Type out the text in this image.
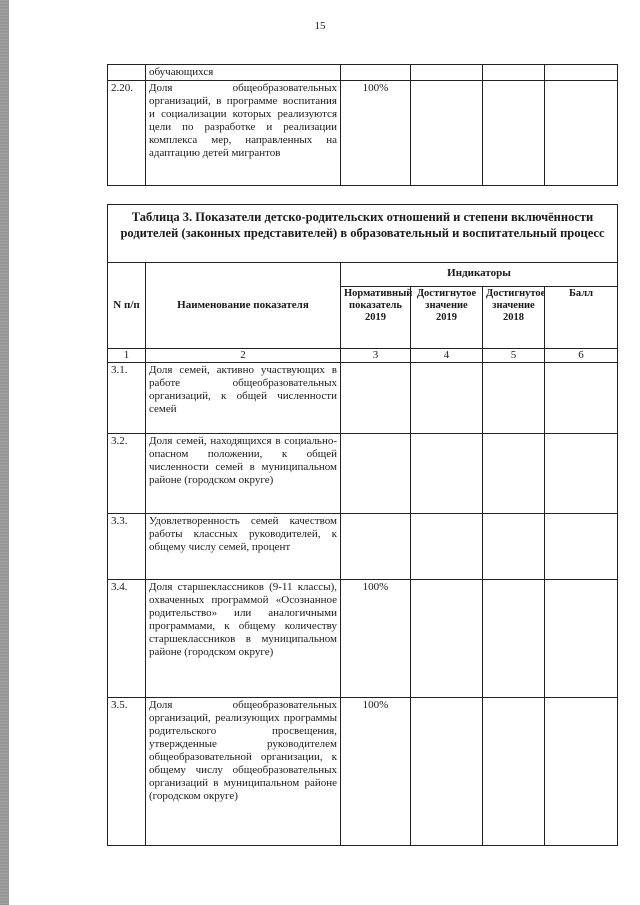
15
	обучающихся				
2.20.	Доля общеобразовательных организаций, в программе воспитания и социализации которых реализуются цели по разработке и реализации комплекса мер, направленных на адаптацию детей мигрантов	100%			
Таблица 3. Показатели детско-родительских отношений и степени включённости родителей (законных представителей) в образовательный и воспитательный процесс					
N п/п	Наименование показателя	Индикаторы			
		Нормативный показатель 2019	Достигнутое значение 2019	Достигнутое значение 2018	Балл
1	2	3	4	5	6
3.1.	Доля семей, активно участвующих в работе общеобразовательных организаций, к общей численности семей				
3.2.	Доля семей, находящихся в социально-опасном положении, к общей численности семей в муниципальном районе (городском округе)				
3.3.	Удовлетворенность семей качеством работы классных руководителей, к общему числу семей, процент				
3.4.	Доля старшеклассников (9-11 классы), охваченных программой «Осознанное родительство» или аналогичными программами, к общему количеству старшеклассников в муниципальном районе (городском округе)	100%			
3.5.	Доля общеобразовательных организаций, реализующих программы родительского просвещения, утвержденные руководителем общеобразовательной организации, к общему числу общеобразовательных организаций в муниципальном районе (городском округе)	100%			
